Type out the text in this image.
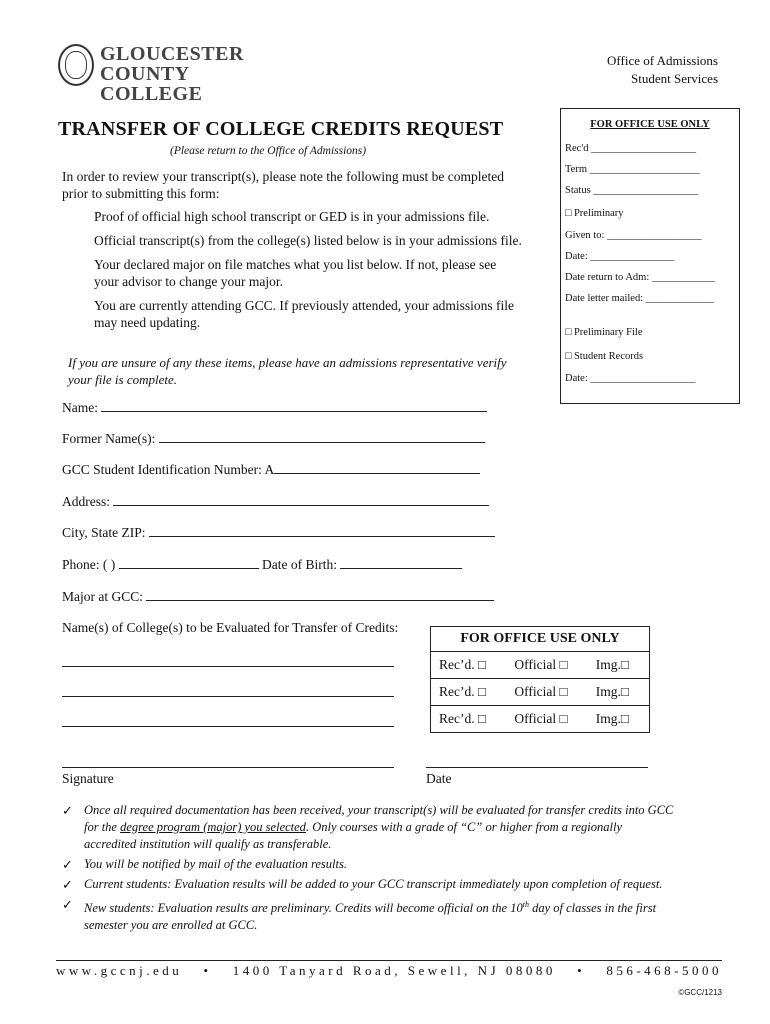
GLOUCESTER
COUNTY COLLEGE
Office of Admissions
Student Services
TRANSFER OF COLLEGE CREDITS REQUEST
(Please return to the Office of Admissions)
In order to review your transcript(s), please note the following must be completed prior to submitting this form:
Proof of official high school transcript or GED is in your admissions file.
Official transcript(s) from the college(s) listed below is in your admissions file.
Your declared major on file matches what you list below. If not, please see your advisor to change your major.
You are currently attending GCC. If previously attended, your admissions file may need updating.
If you are unsure of any these items, please have an admissions representative verify your file is complete.
FOR OFFICE USE ONLY
Rec'd ____________________
Term _____________________
Status ____________________
□ Preliminary
Given to: __________________
Date: ________________
Date return to Adm: ____________
Date letter mailed: _____________
□ Preliminary File
□ Student Records
Date: ____________________
Name:
Former Name(s):
GCC Student Identification Number: A
Address:
City, State ZIP:
Phone: ( )	Date of Birth:
Major at GCC:
Name(s) of College(s) to be Evaluated for Transfer of Credits:
FOR OFFICE USE ONLY
Rec’d. □ Official □ Img.□
Rec’d. □ Official □ Img.□
Rec’d. □ Official □ Img.□
Signature	Date
✓ Once all required documentation has been received, your transcript(s) will be evaluated for transfer credits into GCC for the degree program (major) you selected. Only courses with a grade of “C” or higher from a regionally accredited institution will qualify as transferable.
✓ You will be notified by mail of the evaluation results.
✓ Current students: Evaluation results will be added to your GCC transcript immediately upon completion of request.
✓ New students: Evaluation results are preliminary. Credits will become official on the 10th day of classes in the first semester you are enrolled at GCC.
www.gccnj.edu • 1400 Tanyard Road, Sewell, NJ 08080 • 856-468-5000
©GCC/1213
